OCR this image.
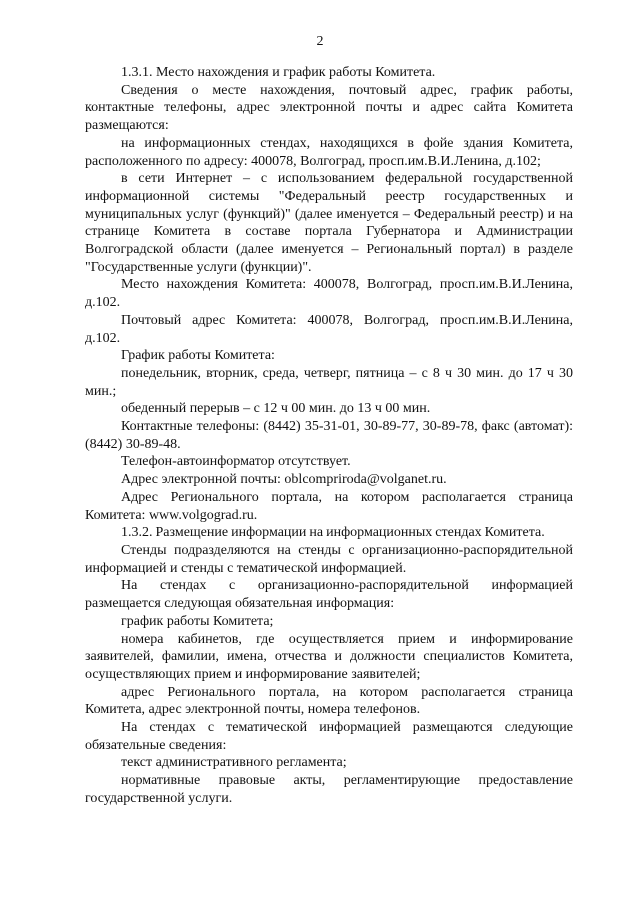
2

1.3.1. Место нахождения и график работы Комитета.

Сведения о месте нахождения, почтовый адрес, график работы, контактные телефоны, адрес электронной почты и адрес сайта Комитета размещаются:

на информационных стендах, находящихся в фойе здания Комитета, расположенного по адресу: 400078, Волгоград, просп.им.В.И.Ленина, д.102;

в сети Интернет – с использованием федеральной государственной информационной системы "Федеральный реестр государственных и муниципальных услуг (функций)" (далее именуется – Федеральный реестр) и на странице Комитета в составе портала Губернатора и Администрации Волгоградской области (далее именуется – Региональный портал) в разделе "Государственные услуги (функции)".

Место нахождения Комитета: 400078, Волгоград, просп.им.В.И.Ленина, д.102.

Почтовый адрес Комитета: 400078, Волгоград, просп.им.В.И.Ленина, д.102.

График работы Комитета:

понедельник, вторник, среда, четверг, пятница – с 8 ч 30 мин. до 17 ч 30 мин.;

обеденный перерыв – с 12 ч 00 мин. до 13 ч 00 мин.

Контактные телефоны: (8442) 35-31-01, 30-89-77, 30-89-78, факс (автомат): (8442) 30-89-48.

Телефон-автоинформатор отсутствует.

Адрес электронной почты: oblcompriroda@volganet.ru.

Адрес Регионального портала, на котором располагается страница Комитета: www.volgograd.ru.

1.3.2. Размещение информации на информационных стендах Комитета.

Стенды подразделяются на стенды с организационно-распорядительной информацией и стенды с тематической информацией.

На стендах с организационно-распорядительной информацией размещается следующая обязательная информация:

график работы Комитета;

номера кабинетов, где осуществляется прием и информирование заявителей, фамилии, имена, отчества и должности специалистов Комитета, осуществляющих прием и информирование заявителей;

адрес Регионального портала, на котором располагается страница Комитета, адрес электронной почты, номера телефонов.

На стендах с тематической информацией размещаются следующие обязательные сведения:

текст административного регламента;

нормативные правовые акты, регламентирующие предоставление государственной услуги.
